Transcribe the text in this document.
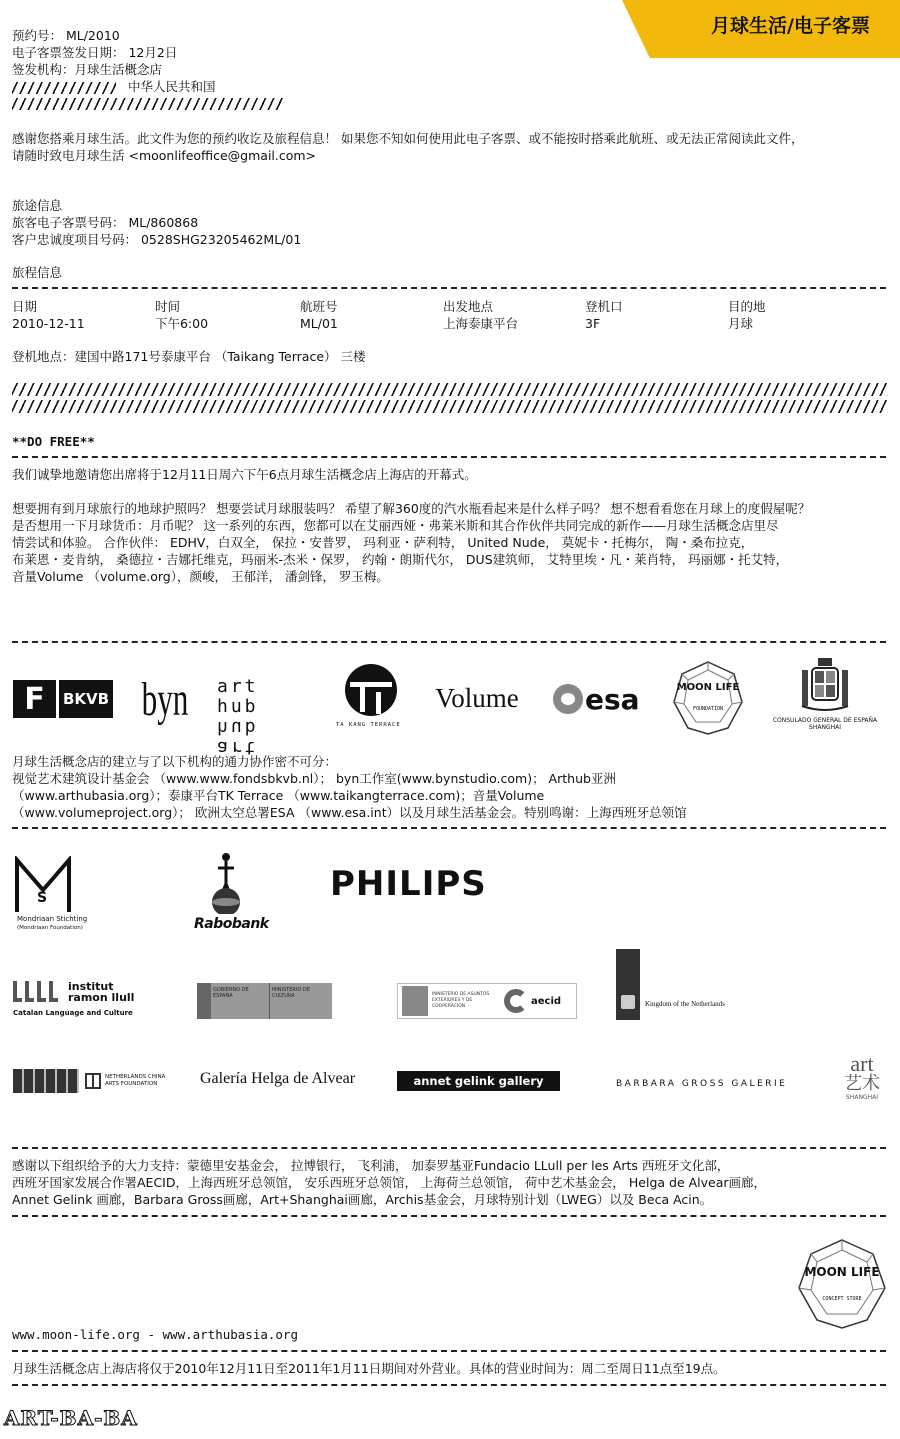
月球生活/电子客票
预约号： ML/2010
电子客票签发日期： 12月2日
签发机构：月球生活概念店
中华人民共和国
感谢您搭乘月球生活。此文件为您的预约收讫及旅程信息！ 如果您不知如何使用此电子客票、或不能按时搭乘此航班、或无法正常阅读此文件，
请随时致电月球生活 <moonlifeoffice@gmail.com>
旅途信息
旅客电子客票号码： ML/860868
客户忠诚度项目号码： 0528SHG23205462ML/01
旅程信息
日期	时间	航班号	出发地点	登机口	目的地
2010-12-11	下午6:00	ML/01	上海泰康平台	3F	月球
登机地点：建国中路171号泰康平台 （Taikang Terrace） 三楼
**DO FREE**
我们诚挚地邀请您出席将于12月11日周六下午6点月球生活概念店上海店的开幕式。
想要拥有到月球旅行的地球护照吗？ 想要尝试月球服装吗？ 希望了解360度的汽水瓶看起来是什么样子吗？ 想不想看看您在月球上的度假屋呢？
是否想用一下月球货币：月币呢？ 这一系列的东西，您都可以在艾丽西娅・弗莱米斯和其合作伙伴共同完成的新作——月球生活概念店里尽
情尝试和体验。 合作伙伴： EDHV，白双全， 保拉・安普罗， 玛利亚・萨利特， United Nude， 莫妮卡・托梅尔， 陶・桑布拉克，
布莱恩・麦肯纳， 桑德拉・吉娜托维克，玛丽米-杰米・保罗， 约翰・朗斯代尔， DUS建筑师， 艾特里埃・凡・莱肖特， 玛丽娜・托艾特，
音量Volume （volume.org），颜峻， 王郁洋， 潘剑锋， 罗玉梅。
F	BKVB byn art hub
art hub	TA KANG TERRACE
Volume esa	MOON LIFE
FOUNDATION
CONSULADO GENERAL DE ESPAÑA
SHANGHAI
月球生活概念店的建立与了以下机构的通力协作密不可分：
视觉艺术建筑设计基金会 （www.www.fondsbkvb.nl）； byn工作室(www.bynstudio.com)； Arthub亚洲
（www.arthubasia.org）；泰康平台TK Terrace （www.taikangterrace.com)；音量Volume
（www.volumeproject.org）； 欧洲太空总署ESA （www.esa.int）以及月球生活基金会。特别鸣谢：上海西班牙总领馆
S
Mondriaan Stichting
(Mondriaan Foundation)	Rabobank
PHILIPS
institut
ramon llull
Catalan Language and Culture
GOBIERNO DE ESPAÑA
MINISTERIO DE CULTURA	MINISTERIO DE ASUNTOS EXTERIORES Y DE COOPERACIÓN	aecid	Kingdom of the Netherlands
NETHERLANDS CHINA
ARTS FOUNDATION	Galería Helga de Alvear	annet gelink gallery	BARBARA GROSS GALERIE
art
艺术
SHANGHAI
感谢以下组织给予的大力支持：蒙德里安基金会， 拉博银行， 飞利浦， 加泰罗基亚Fundacio LLull per les Arts 西班牙文化部，
西班牙国家发展合作署AECID，上海西班牙总领馆， 安乐西班牙总领馆， 上海荷兰总领馆， 荷中艺术基金会， Helga de Alvear画廊，
Annet Gelink 画廊，Barbara Gross画廊，Art+Shanghai画廊，Archis基金会，月球特别计划（LWEG）以及 Beca Acin。
MOON LIFE
CONCEPT STORE
www.moon-life.org - www.arthubasia.org
月球生活概念店上海店将仅于2010年12月11日至2011年1月11日期间对外营业。具体的营业时间为：周二至周日11点至19点。
ART-BA-BA
